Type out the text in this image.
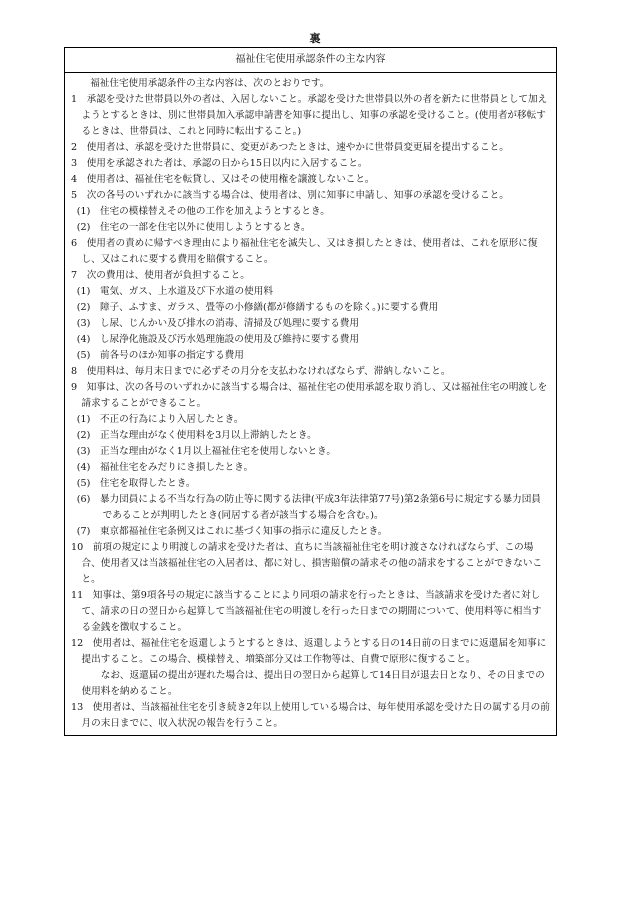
裏
福祉住宅使用承認条件の主な内容

福祉住宅使用承認条件の主な内容は、次のとおりです。

1　承認を受けた世帯員以外の者は、入居しないこと。承認を受けた世帯員以外の者を新たに世帯員として加えようとするときは、別に世帯員加入承認申請書を知事に提出し、知事の承認を受けること。(使用者が移転するときは、世帯員は、これと同時に転出すること。)

2　使用者は、承認を受けた世帯員に、変更があつたときは、速やかに世帯員変更届を提出すること。

3　使用を承認された者は、承認の日から15日以内に入居すること。

4　使用者は、福祉住宅を転貸し、又はその使用権を譲渡しないこと。

5　次の各号のいずれかに該当する場合は、使用者は、別に知事に申請し、知事の承認を受けること。

(1)　住宅の模様替えその他の工作を加えようとするとき。

(2)　住宅の一部を住宅以外に使用しようとするとき。

6　使用者の責めに帰すべき理由により福祉住宅を滅失し、又はき損したときは、使用者は、これを原形に復し、又はこれに要する費用を賠償すること。

7　次の費用は、使用者が負担すること。

(1)　電気、ガス、上水道及び下水道の使用料

(2)　障子、ふすま、ガラス、畳等の小修繕(都が修繕するものを除く。)に要する費用

(3)　し尿、じんかい及び排水の消毒、清掃及び処理に要する費用

(4)　し尿浄化施設及び汚水処理施設の使用及び維持に要する費用

(5)　前各号のほか知事の指定する費用

8　使用料は、毎月末日までに必ずその月分を支払わなければならず、滞納しないこと。

9　知事は、次の各号のいずれかに該当する場合は、福祉住宅の使用承認を取り消し、又は福祉住宅の明渡しを請求することができること。

(1)　不正の行為により入居したとき。

(2)　正当な理由がなく使用料を3月以上滞納したとき。

(3)　正当な理由がなく1月以上福祉住宅を使用しないとき。

(4)　福祉住宅をみだりにき損したとき。

(5)　住宅を取得したとき。

(6)　暴力団員による不当な行為の防止等に関する法律(平成3年法律第77号)第2条第6号に規定する暴力団員であることが判明したとき(同居する者が該当する場合を含む。)。

(7)　東京都福祉住宅条例又はこれに基づく知事の指示に違反したとき。

10　前項の規定により明渡しの請求を受けた者は、直ちに当該福祉住宅を明け渡さなければならず、この場合、使用者又は当該福祉住宅の入居者は、都に対し、損害賠償の請求その他の請求をすることができないこと。

11　知事は、第9項各号の規定に該当することにより同項の請求を行ったときは、当該請求を受けた者に対して、請求の日の翌日から起算して当該福祉住宅の明渡しを行った日までの期間について、使用料等に相当する金銭を徴収すること。

12　使用者は、福祉住宅を返還しようとするときは、返還しようとする日の14日前の日までに返還届を知事に提出すること。この場合、模様替え、増築部分又は工作物等は、自費で原形に復すること。

なお、返還届の提出が遅れた場合は、提出日の翌日から起算して14日目が退去日となり、その日までの使用料を納めること。

13　使用者は、当該福祉住宅を引き続き2年以上使用している場合は、毎年使用承認を受けた日の属する月の前月の末日までに、収入状況の報告を行うこと。
